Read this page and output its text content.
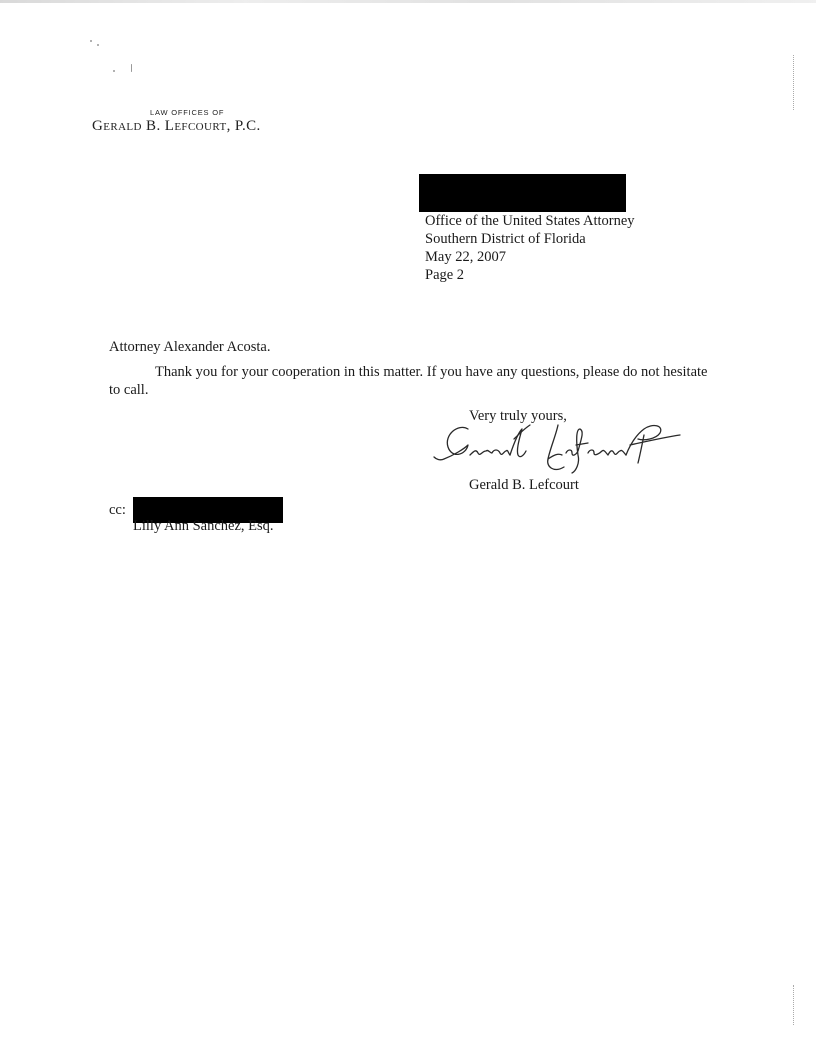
LAW OFFICES OF
Gerald B. Lefcourt, P.C.
Office of the United States Attorney
Southern District of Florida
May 22, 2007
Page 2
Attorney Alexander Acosta.
Thank you for your cooperation in this matter. If you have any questions, please do not hesitate to call.
Very truly yours,
Gerald B. Lefcourt
cc:
Lilly Ann Sanchez, Esq.
